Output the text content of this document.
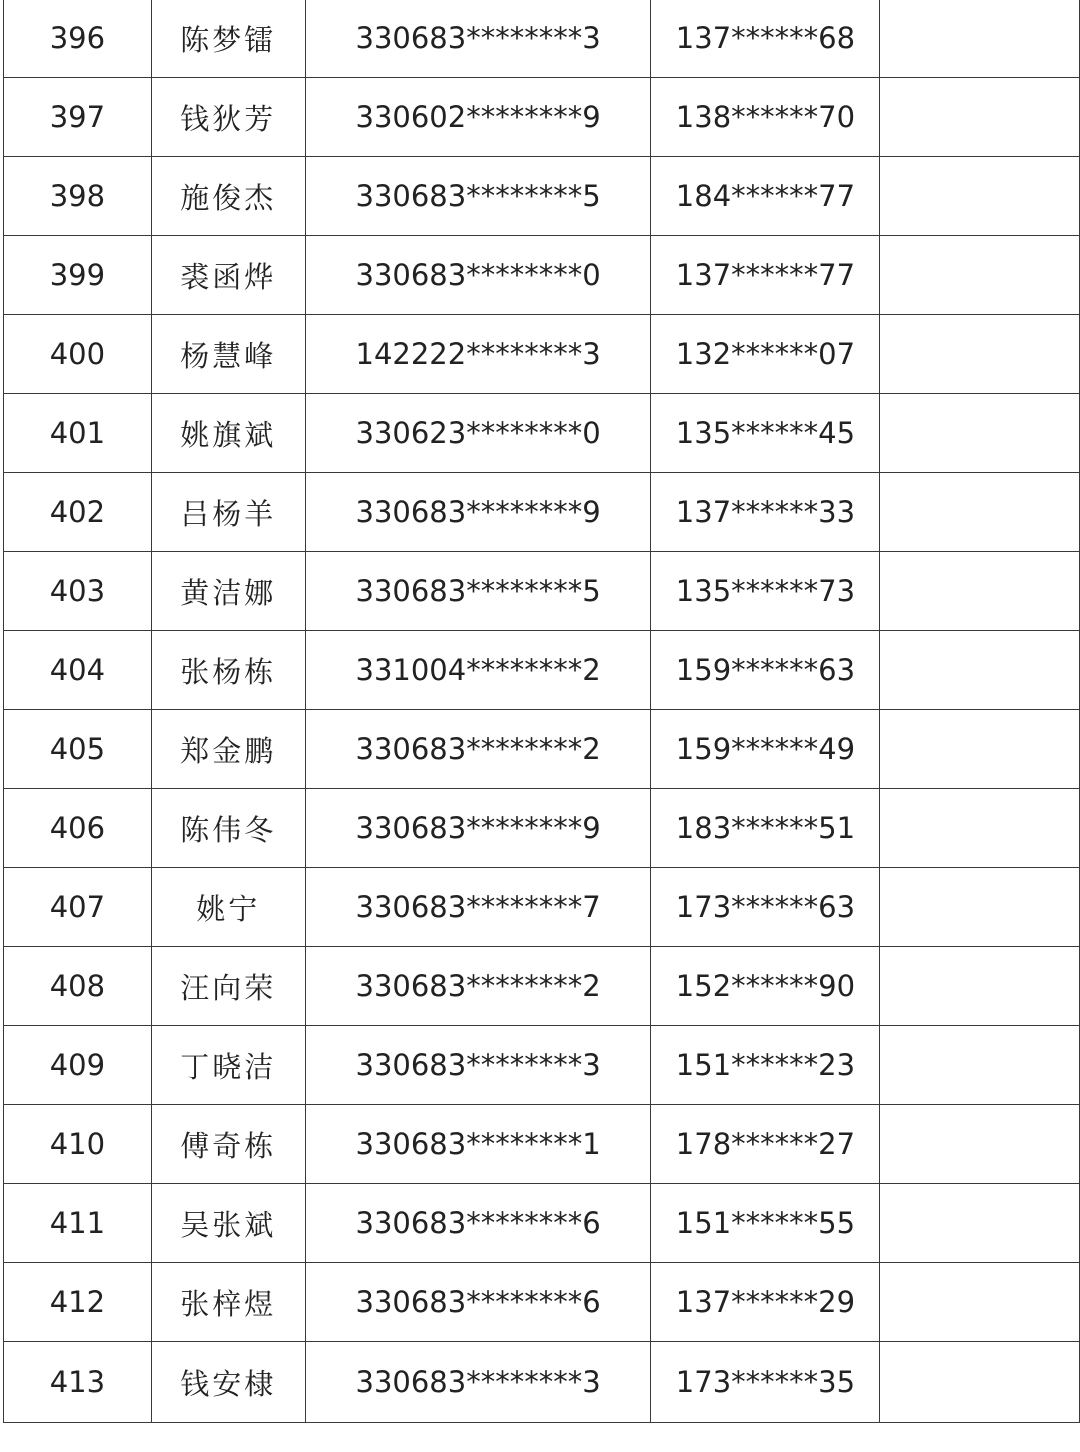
396	陈梦镭	330683********3	137******68	
397	钱狄芳	330602********9	138******70	
398	施俊杰	330683********5	184******77	
399	裘函烨	330683********0	137******77	
400	杨慧峰	142222********3	132******07	
401	姚旗斌	330623********0	135******45	
402	吕杨羊	330683********9	137******33	
403	黄洁娜	330683********5	135******73	
404	张杨栋	331004********2	159******63	
405	郑金鹏	330683********2	159******49	
406	陈伟冬	330683********9	183******51	
407	姚宁	330683********7	173******63	
408	汪向荣	330683********2	152******90	
409	丁晓洁	330683********3	151******23	
410	傅奇栋	330683********1	178******27	
411	吴张斌	330683********6	151******55	
412	张梓煜	330683********6	137******29	
413	钱安棣	330683********3	173******35	
